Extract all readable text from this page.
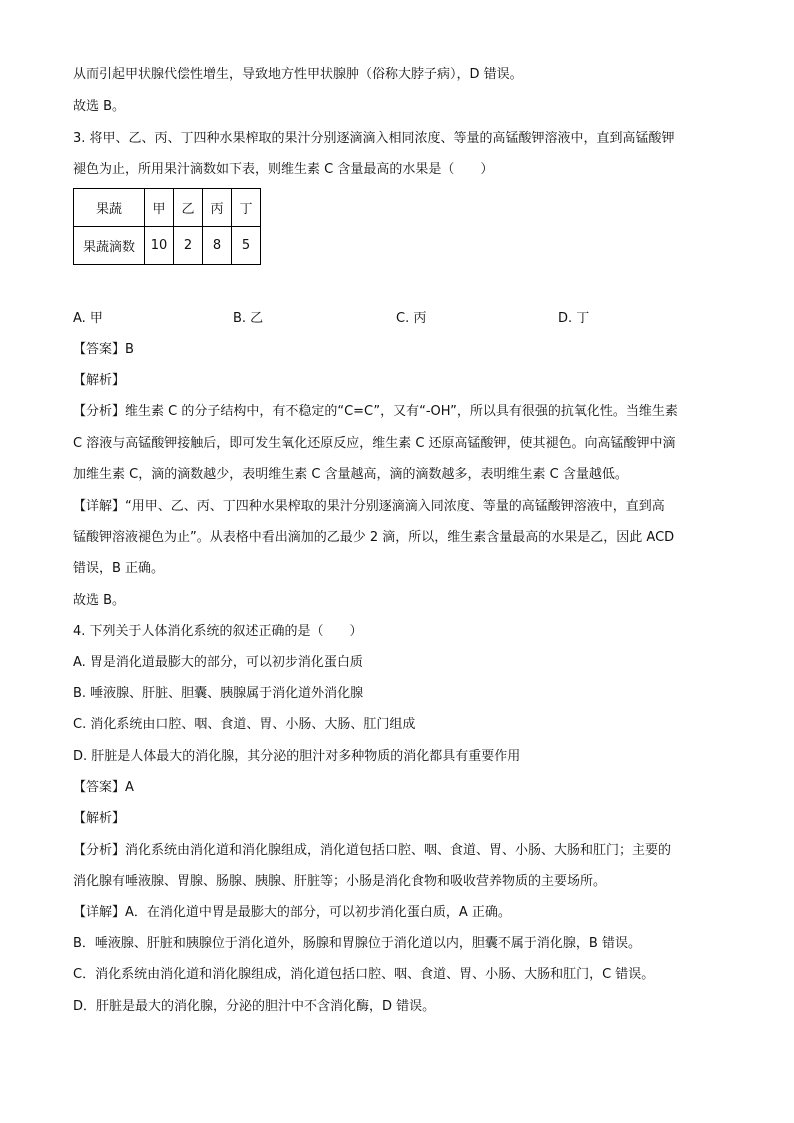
从而引起甲状腺代偿性增生，导致地方性甲状腺肿（俗称大脖子病），D 错误。
故选 B。
3. 将甲、乙、丙、丁四种水果榨取的果汁分别逐滴滴入相同浓度、等量的高锰酸钾溶液中，直到高锰酸钾
褪色为止，所用果汁滴数如下表，则维生素 C 含量最高的水果是（　　）
果蔬	甲	乙	丙	丁
果蔬滴数	10	2	8	5
A. 甲	B. 乙	C. 丙	D. 丁
【答案】B
【解析】
【分析】维生素 C 的分子结构中，有不稳定的“C=C”，又有“-OH”，所以具有很强的抗氧化性。当维生素
C 溶液与高锰酸钾接触后，即可发生氧化还原反应，维生素 C 还原高锰酸钾，使其褪色。向高锰酸钾中滴
加维生素 C，滴的滴数越少，表明维生素 C 含量越高，滴的滴数越多，表明维生素 C 含量越低。
【详解】“用甲、乙、丙、丁四种水果榨取的果汁分别逐滴滴入同浓度、等量的高锰酸钾溶液中，直到高
锰酸钾溶液褪色为止”。从表格中看出滴加的乙最少 2 滴，所以，维生素含量最高的水果是乙，因此 ACD
错误，B 正确。
故选 B。
4. 下列关于人体消化系统的叙述正确的是（　　）
A. 胃是消化道最膨大的部分，可以初步消化蛋白质
B. 唾液腺、肝脏、胆囊、胰腺属于消化道外消化腺
C. 消化系统由口腔、咽、食道、胃、小肠、大肠、肛门组成
D. 肝脏是人体最大的消化腺，其分泌的胆汁对多种物质的消化都具有重要作用
【答案】A
【解析】
【分析】消化系统由消化道和消化腺组成，消化道包括口腔、咽、食道、胃、小肠、大肠和肛门；主要的
消化腺有唾液腺、胃腺、肠腺、胰腺、肝脏等；小肠是消化食物和吸收营养物质的主要场所。
【详解】A．在消化道中胃是最膨大的部分，可以初步消化蛋白质，A 正确。
B．唾液腺、肝脏和胰腺位于消化道外，肠腺和胃腺位于消化道以内，胆囊不属于消化腺，B 错误。
C．消化系统由消化道和消化腺组成，消化道包括口腔、咽、食道、胃、小肠、大肠和肛门，C 错误。
D．肝脏是最大的消化腺，分泌的胆汁中不含消化酶，D 错误。
